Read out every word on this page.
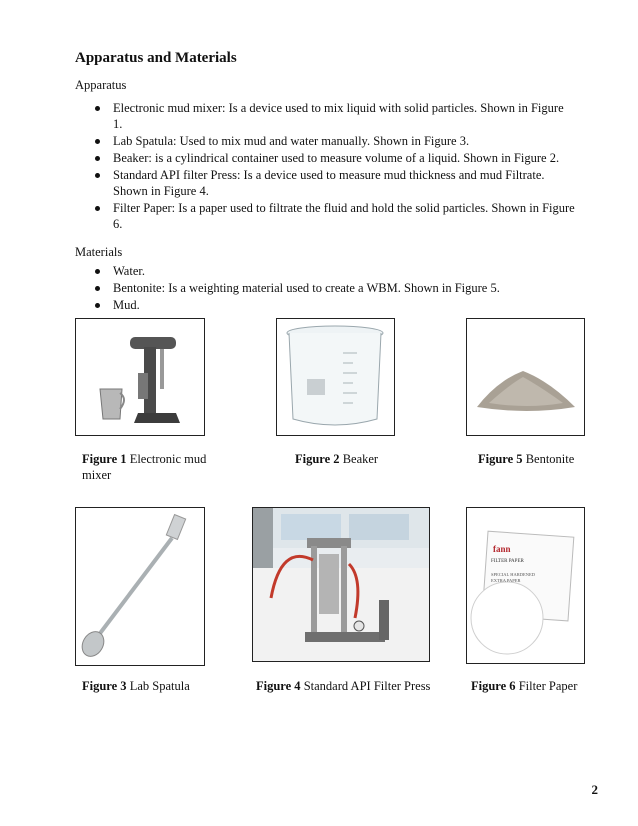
Apparatus and Materials
Apparatus
Electronic mud mixer: Is a device used to mix liquid with solid particles. Shown in Figure 1.
Lab Spatula: Used to mix mud and water manually. Shown in Figure 3.
Beaker: is a cylindrical container used to measure volume of a liquid. Shown in Figure 2.
Standard API filter Press: Is a device used to measure mud thickness and mud Filtrate. Shown in Figure 4.
Filter Paper: Is a paper used to filtrate the fluid and hold the solid particles. Shown in Figure 6.
Materials
Water.
Bentonite: Is a weighting material used to create a WBM. Shown in Figure 5.
Mud.
Figure 1 Electronic mud mixer
Figure 2 Beaker	Figure 5 Bentonite
fann
FILTER PAPER
SPECIAL HARDENED
EXTRA PAPER
Figure 3 Lab Spatula	Figure 4 Standard API Filter Press	Figure 6 Filter Paper
2
